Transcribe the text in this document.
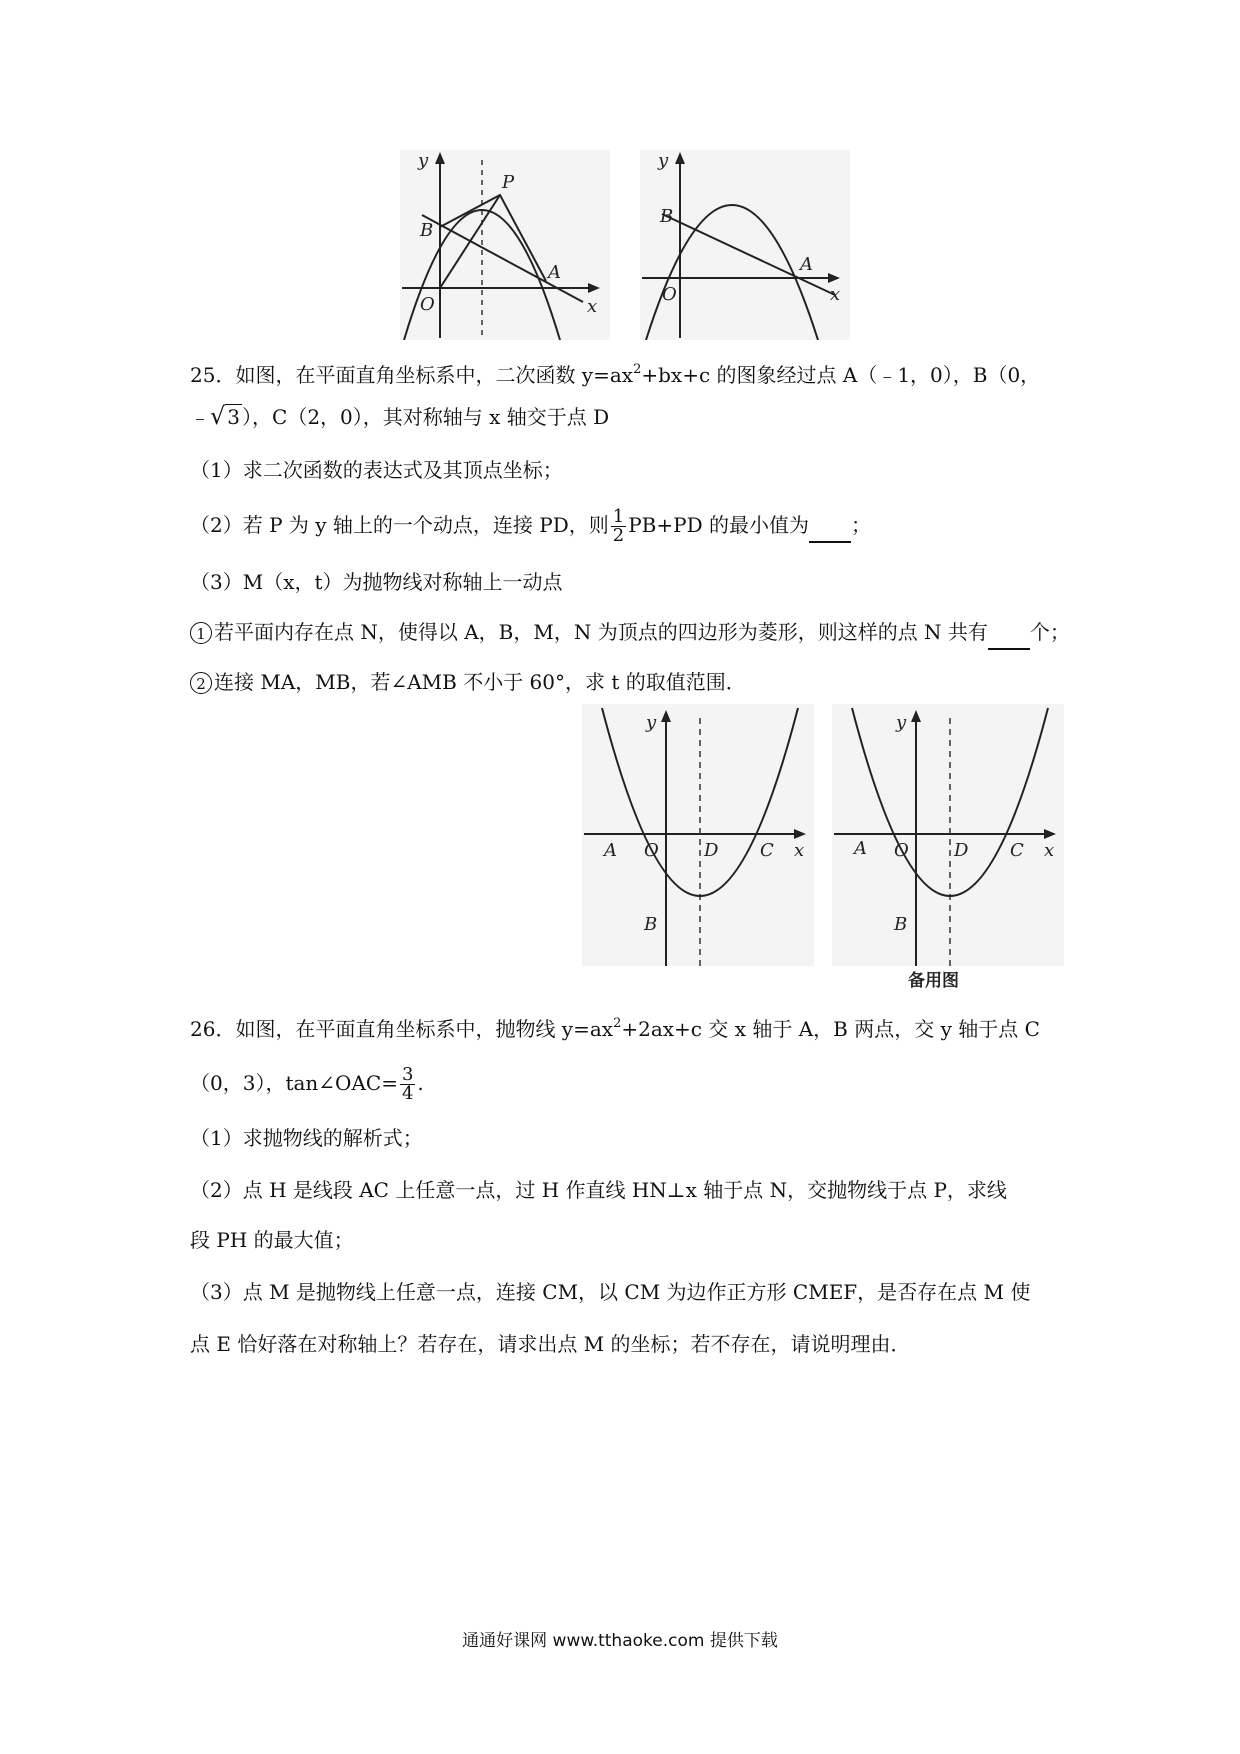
y
x
O
B
A
P
y
x
O
B
A
25．如图，在平面直角坐标系中，二次函数 $y=ax^2+bx+c$ 的图象经过点 A（﹣1，0），B（0，
﹣√ 3 ），C（2，0），其对称轴与 x 轴交于点 D
（1）求二次函数的表达式及其顶点坐标；
（2）若 P 为 y 轴上的一个动点，连接 PD，则 $\frac{1}{2} PB+PD$ 的最小值为 ；
（3）M（x，t）为抛物线对称轴上一动点
1 若平面内存在点 N，使得以 A，B，M，N 为顶点的四边形为菱形，则这样的点 N 共有 个；
2 连接 MA，MB，若∠AMB 不小于 60°，求 t 的取值范围．
y
x
A O	D C
B
y
x
A O	D C
B
备用图
26．如图，在平面直角坐标系中，抛物线 $y=ax^2+2ax+c$ 交 x 轴于 A，B 两点，交 y 轴于点 C
（0，3），tan∠OAC= $\frac{3}{4}$ .
（1）求抛物线的解析式；
（2）点 H 是线段 AC 上任意一点，过 H 作直线 HN⊥x 轴于点 N，交抛物线于点 P，求线
段 PH 的最大值；
（3）点 M 是抛物线上任意一点，连接 CM，以 CM 为边作正方形 CMEF，是否存在点 M 使
点 E 恰好落在对称轴上？若存在，请求出点 M 的坐标；若不存在，请说明理由．
通通好课网 www.tthaoke.com 提供下载
